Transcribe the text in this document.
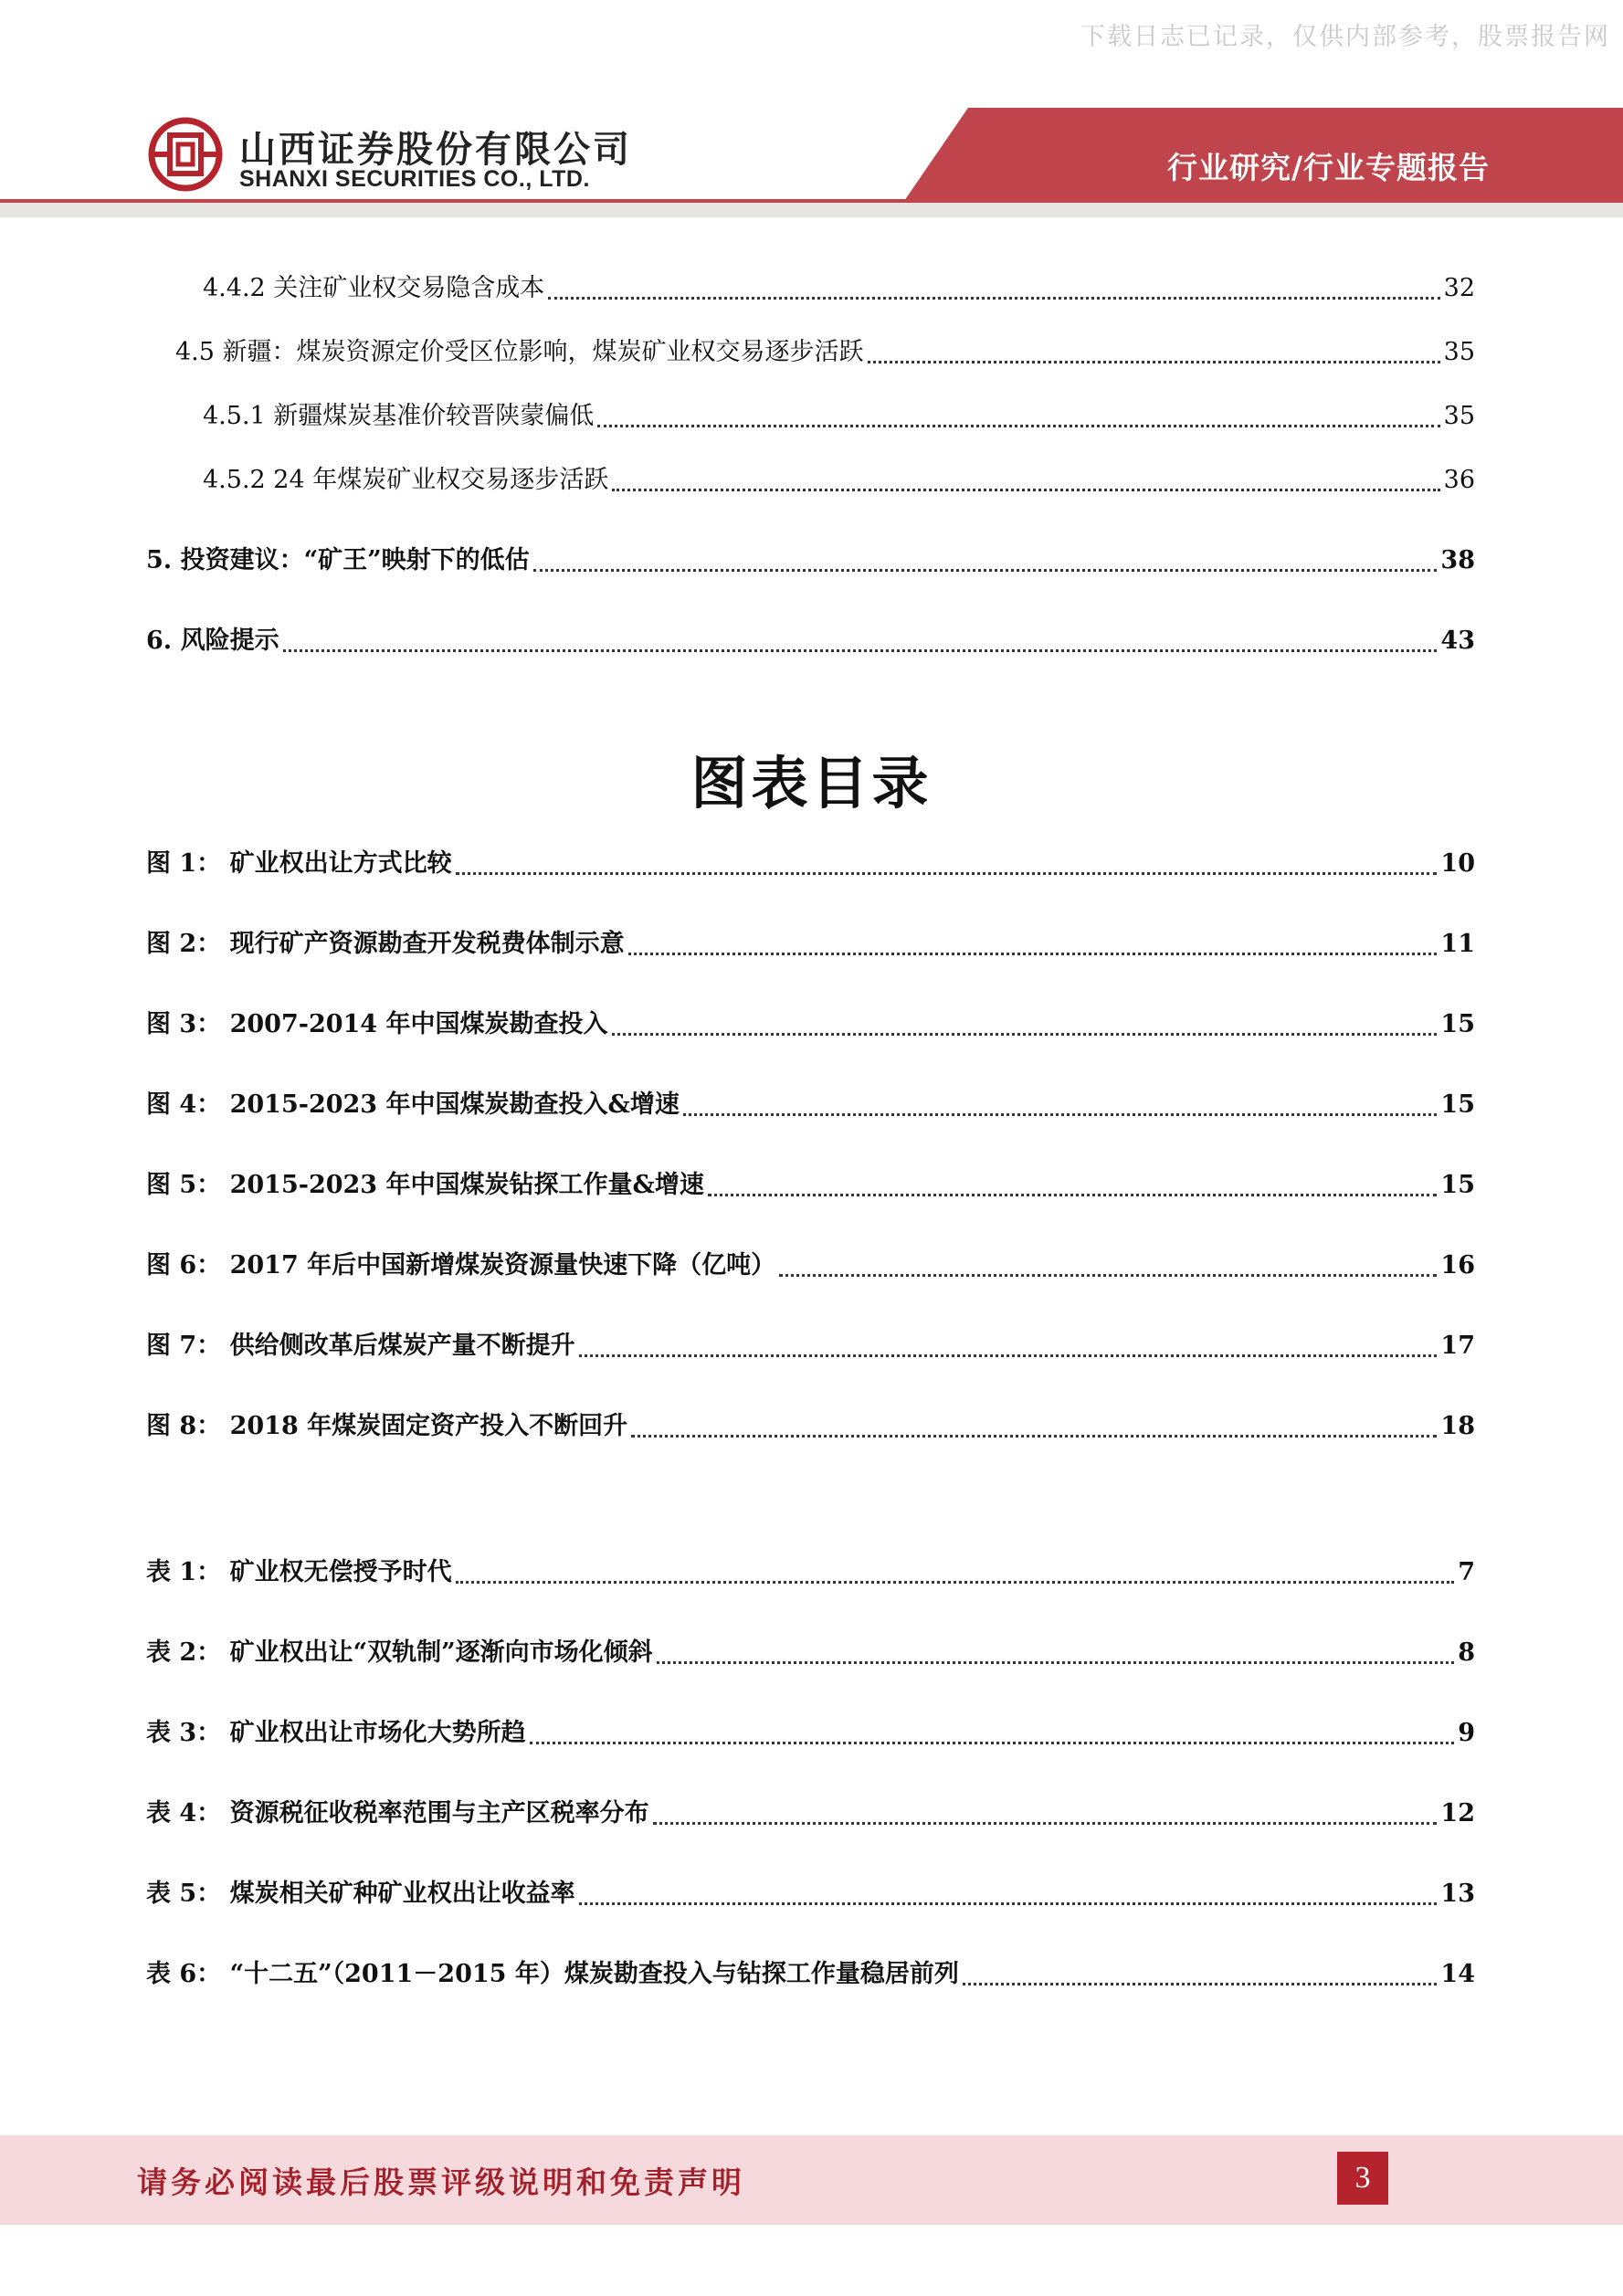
下载日志已记录，仅供内部参考，股票报告网
山西证券股份有限公司
SHANXI SECURITIES CO., LTD.	行业研究/行业专题报告
4.4.2 关注矿业权交易隐含成本	32
4.5 新疆：煤炭资源定价受区位影响，煤炭矿业权交易逐步活跃	35
4.5.1 新疆煤炭基准价较晋陕蒙偏低	35
4.5.2 24 年煤炭矿业权交易逐步活跃	36
5. 投资建议：“矿王”映射下的低估	38
6. 风险提示	43
图表目录
图 1： 矿业权出让方式比较	10
图 2： 现行矿产资源勘查开发税费体制示意	11
图 3： 2007-2014 年中国煤炭勘查投入	15
图 4： 2015-2023 年中国煤炭勘查投入&增速	15
图 5： 2015-2023 年中国煤炭钻探工作量&增速	15
图 6： 2017 年后中国新增煤炭资源量快速下降（亿吨）	16
图 7： 供给侧改革后煤炭产量不断提升	17
图 8： 2018 年煤炭固定资产投入不断回升	18
表 1： 矿业权无偿授予时代	7
表 2： 矿业权出让“双轨制”逐渐向市场化倾斜	8
表 3： 矿业权出让市场化大势所趋	9
表 4： 资源税征收税率范围与主产区税率分布	12
表 5： 煤炭相关矿种矿业权出让收益率	13
表 6： “十二五”（2011－2015 年）煤炭勘查投入与钻探工作量稳居前列	14
请务必阅读最后股票评级说明和免责声明	3
